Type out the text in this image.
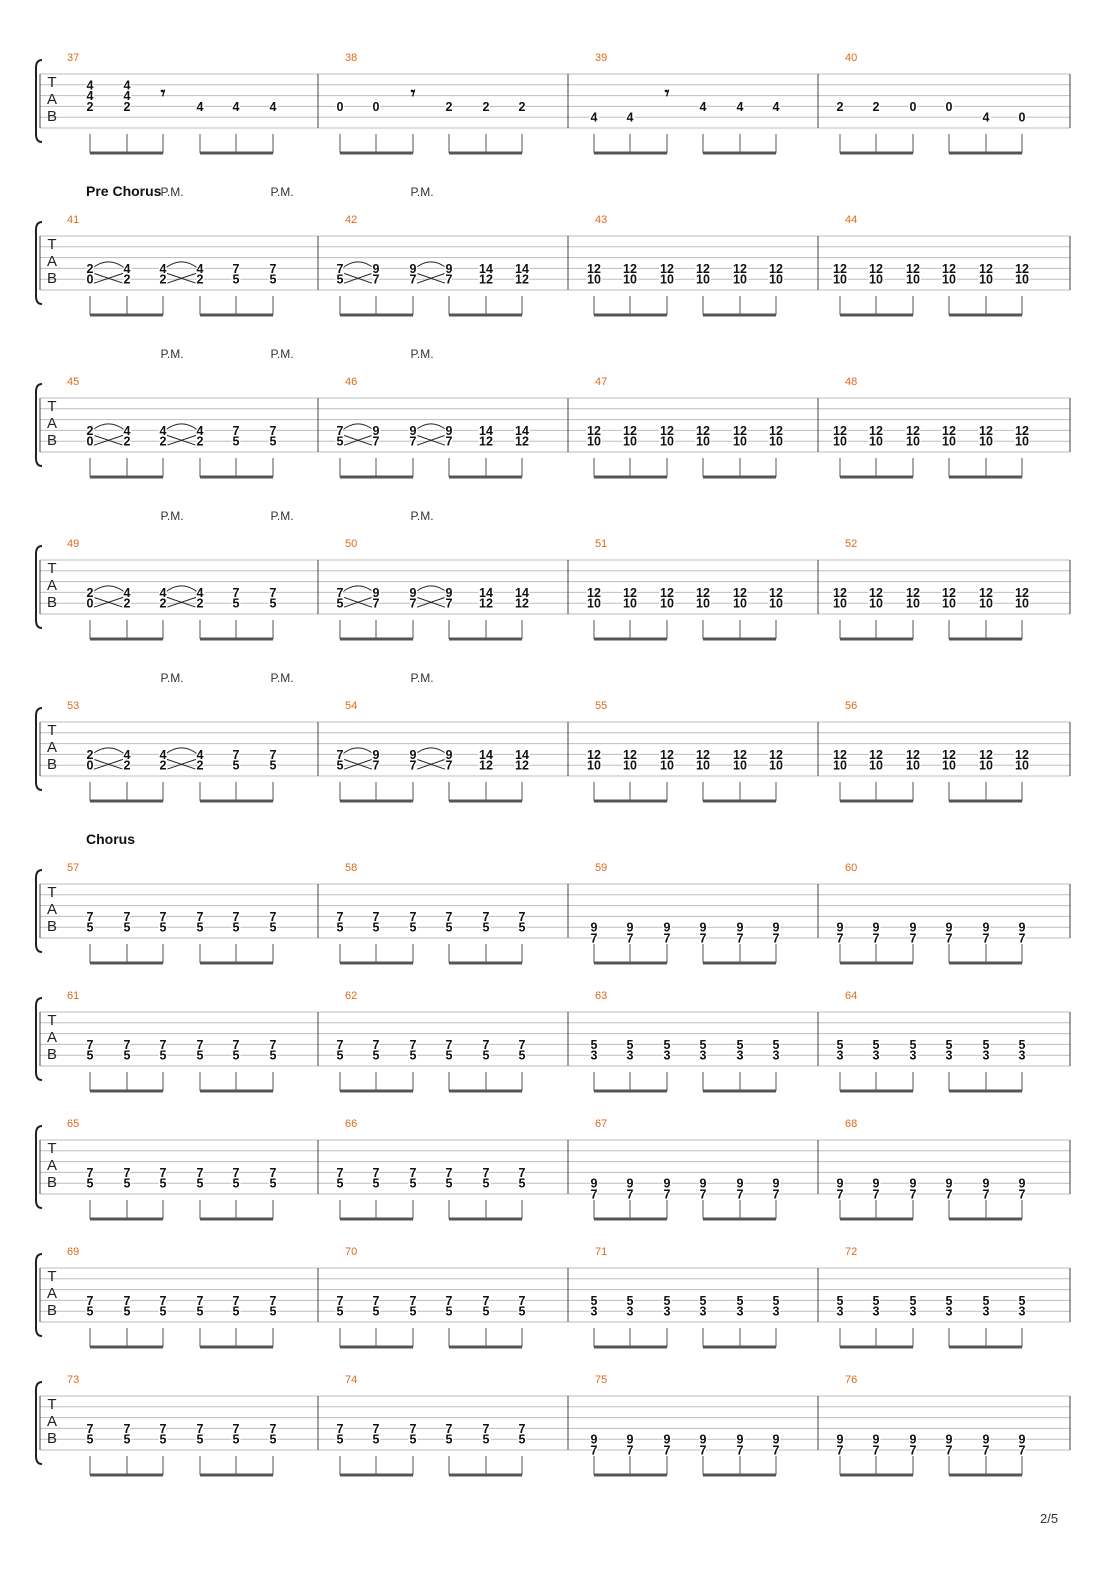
T
A
B
37
𝄾
4
4
2
4
4
2	4 4 4
38
𝄾
0 0	2 2 2
39
𝄾
4 4
4 4 4
40
2 2 0 0
4 0
T
A
B
Pre Chorus
P.M.	P.M.	P.M.
41
2
0
4
2
4
2
4
2
7
5
7
5
42
7
5
9
7
9
7
9
7
14
12
14
12
43
12
10
12
10
12
10
12
10
12
10
12
10
44
12
10
12
10
12
10
12
10
12
10
12
10
T
A
B
P.M.	P.M.	P.M.
45
2
0
4
2
4
2
4
2
7
5
7
5
46
7
5
9
7
9
7
9
7
14
12
14
12
47
12
10
12
10
12
10
12
10
12
10
12
10
48
12
10
12
10
12
10
12
10
12
10
12
10
T
A
B
P.M.	P.M.	P.M.
49
2
0
4
2
4
2
4
2
7
5
7
5
50
7
5
9
7
9
7
9
7
14
12
14
12
51
12
10
12
10
12
10
12
10
12
10
12
10
52
12
10
12
10
12
10
12
10
12
10
12
10
T
A
B
P.M.	P.M.	P.M.
53
2
0
4
2
4
2
4
2
7
5
7
5
54
7
5
9
7
9
7
9
7
14
12
14
12
55
12
10
12
10
12
10
12
10
12
10
12
10
56
12
10
12
10
12
10
12
10
12
10
12
10
T
A
B
Chorus
57
7
5
7
5
7
5
7
5
7
5
7
5
58
7
5
7
5
7
5
7
5
7
5
7
5
59
9
7
9
7
9
7
9
7
9
7
9
7
60
9
7
9
7
9
7
9
7
9
7
9
7
T
A
B
61
7
5
7
5
7
5
7
5
7
5
7
5
62
7
5
7
5
7
5
7
5
7
5
7
5
63
5
3
5
3
5
3
5
3
5
3
5
3
64
5
3
5
3
5
3
5
3
5
3
5
3
T
A
B
65
7
5
7
5
7
5
7
5
7
5
7
5
66
7
5
7
5
7
5
7
5
7
5
7
5
67
9
7
9
7
9
7
9
7
9
7
9
7
68
9
7
9
7
9
7
9
7
9
7
9
7
T
A
B
69
7
5
7
5
7
5
7
5
7
5
7
5
70
7
5
7
5
7
5
7
5
7
5
7
5
71
5
3
5
3
5
3
5
3
5
3
5
3
72
5
3
5
3
5
3
5
3
5
3
5
3
T
A
B
73
7
5
7
5
7
5
7
5
7
5
7
5
74
7
5
7
5
7
5
7
5
7
5
7
5
75
9
7
9
7
9
7
9
7
9
7
9
7
76
9
7
9
7
9
7
9
7
9
7
9
7
2/5
